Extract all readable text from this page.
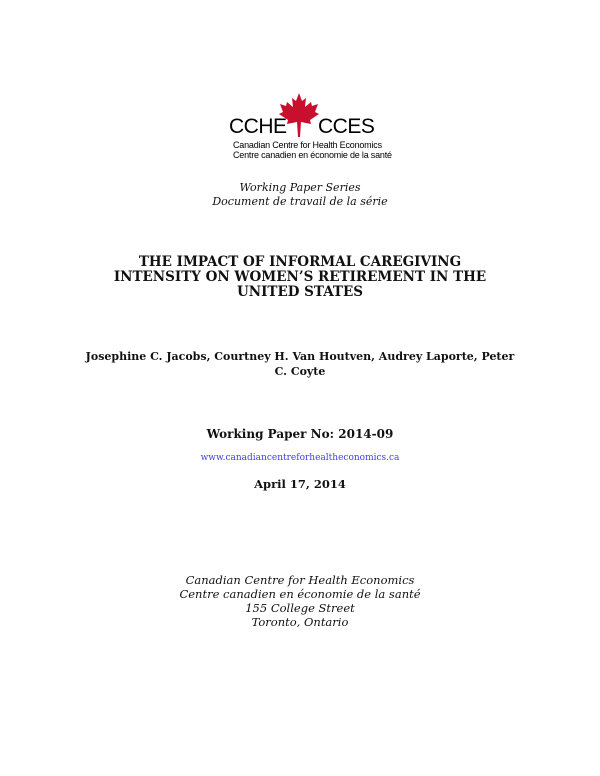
CCHE CCES
Canadian Centre for Health Economics
Centre canadien en économie de la santé
Working Paper Series
Document de travail de la série
THE IMPACT OF INFORMAL CAREGIVING
INTENSITY ON WOMEN’S RETIREMENT IN THE
UNITED STATES
Josephine C. Jacobs, Courtney H. Van Houtven, Audrey Laporte, Peter
C. Coyte
Working Paper No: 2014-09
www.canadiancentreforhealtheconomics.ca
April 17, 2014
Canadian Centre for Health Economics
Centre canadien en économie de la santé
155 College Street
Toronto, Ontario
